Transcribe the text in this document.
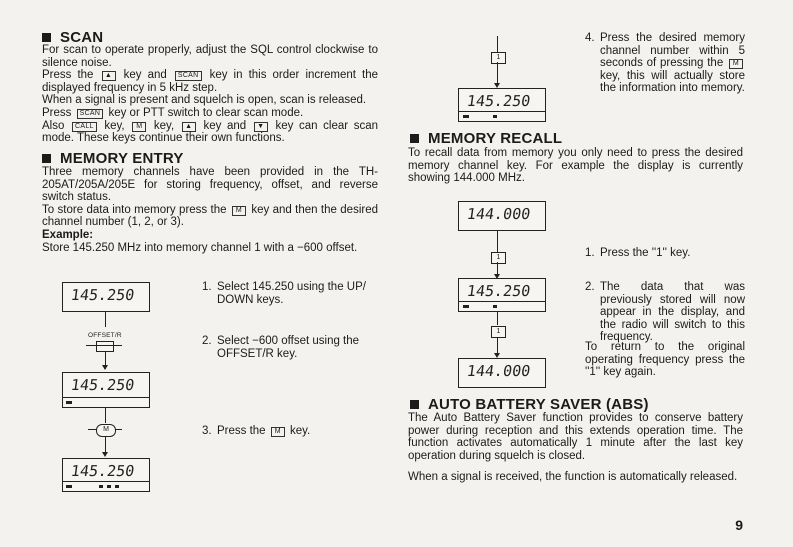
SCAN

For scan to operate properly, adjust the SQL control clockwise to silence noise.

Press the ▲ key and SCAN key in this order increment the displayed frequency in 5 kHz step.

When a signal is present and squelch is open, scan is released.

Press SCAN key or PTT switch to clear scan mode.

Also CALL key, M key, ▲ key and ▼ key can clear scan mode. These keys continue their own functions.

MEMORY ENTRY

Three memory channels have been provided in the TH-205AT/205A/205E for storing frequency, offset, and reverse switch status.

To store data into memory press the M key and then the desired channel number (1, 2, or 3).

Example:

Store 145.250 MHz into memory channel 1 with a −600 offset.

145.250
OFFSET/R
145.250
M
145.250
1. Select 145.250 using the UP/ DOWN keys.
2. Select −600 offset using the OFFSET/R key.
3. Press the M key.
1
145.250
4. Press the desired memory channel number within 5 seconds of pressing the M key, this will actually store the information into memory.
MEMORY RECALL
To recall data from memory you only need to press the desired memory channel key. For example the display is currently showing 144.000 MHz.
144.000
1
145.250
1
144.000
1. Press the ''1'' key.
2. The data that was previously stored will now appear in the display, and the radio will switch to this frequency.
To return to the original operating frequency press the ''1'' key again.
AUTO BATTERY SAVER (ABS)

The Auto Battery Saver function provides to conserve battery power during reception and this extends operation time. The function activates automatically 1 minute after the last key operation during squelch is closed.

When a signal is received, the function is automatically released.

9
